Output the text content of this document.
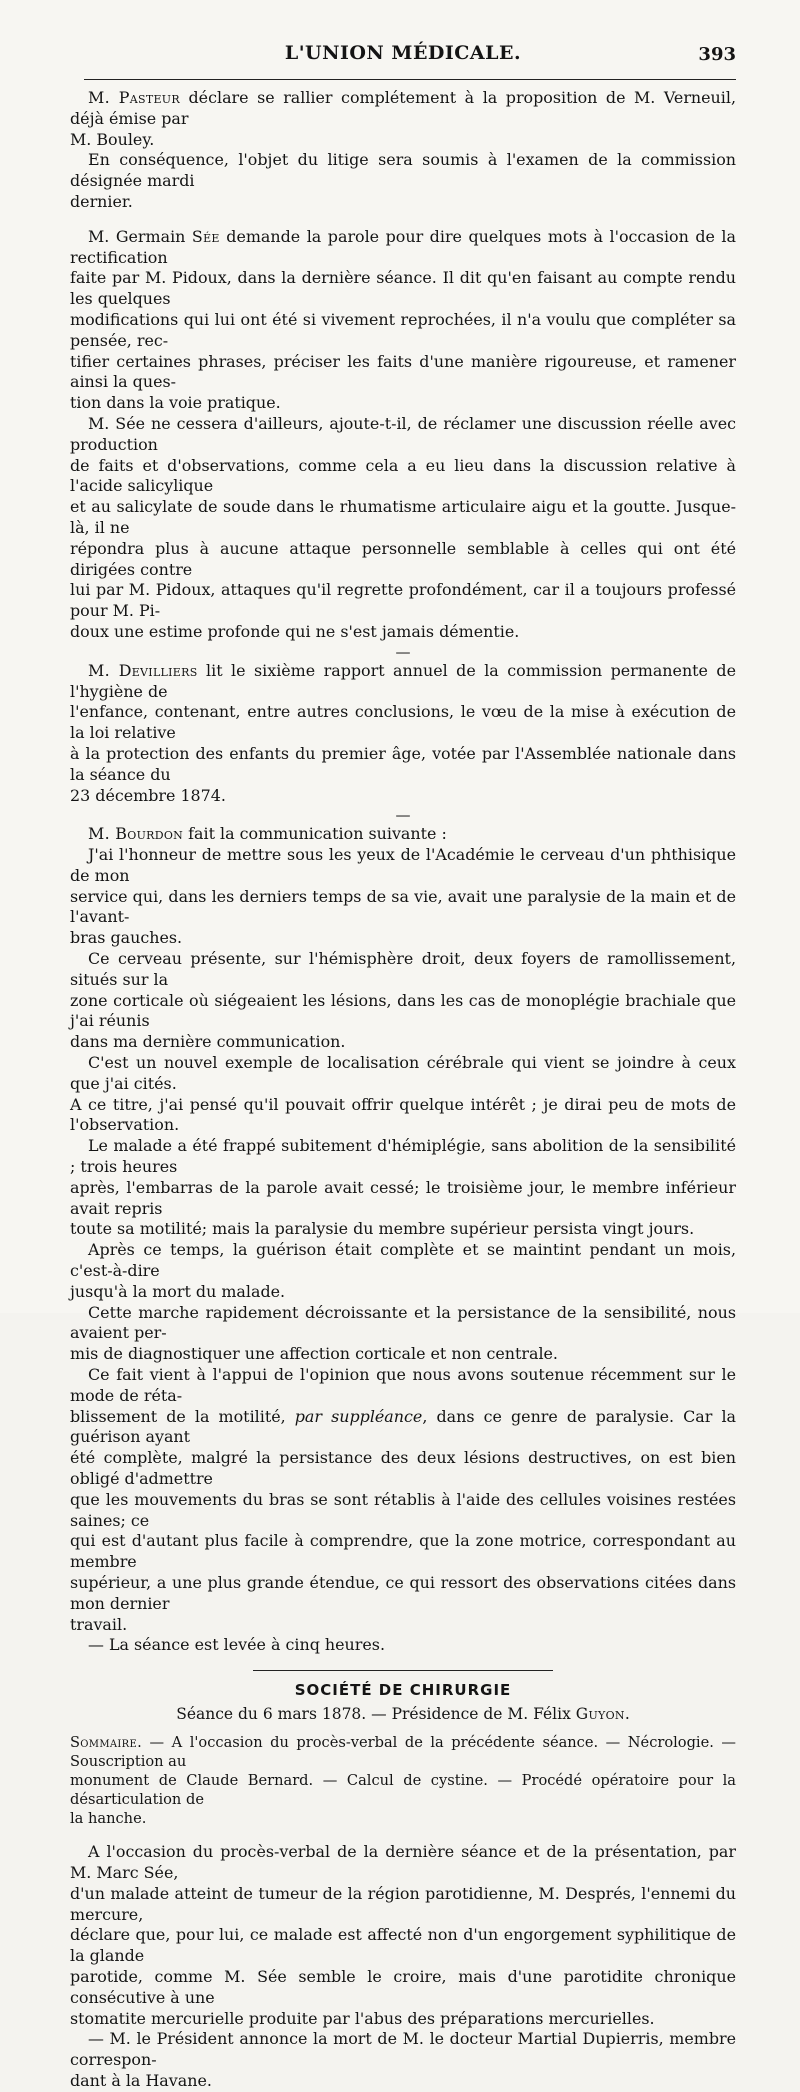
L'UNION MÉDICALE.	393

M. Pasteur déclare se rallier complétement à la proposition de M. Verneuil, déjà émise par
M. Bouley.

En conséquence, l'objet du litige sera soumis à l'examen de la commission désignée mardi
dernier.

M. Germain Sée demande la parole pour dire quelques mots à l'occasion de la rectification
faite par M. Pidoux, dans la dernière séance. Il dit qu'en faisant au compte rendu les quelques
modifications qui lui ont été si vivement reprochées, il n'a voulu que compléter sa pensée, rec-
tifier certaines phrases, préciser les faits d'une manière rigoureuse, et ramener ainsi la ques-
tion dans la voie pratique.

M. Sée ne cessera d'ailleurs, ajoute-t-il, de réclamer une discussion réelle avec production
de faits et d'observations, comme cela a eu lieu dans la discussion relative à l'acide salicylique
et au salicylate de soude dans le rhumatisme articulaire aigu et la goutte. Jusque-là, il ne
répondra plus à aucune attaque personnelle semblable à celles qui ont été dirigées contre
lui par M. Pidoux, attaques qu'il regrette profondément, car il a toujours professé pour M. Pi-
doux une estime profonde qui ne s'est jamais démentie.

—

M. Devilliers lit le sixième rapport annuel de la commission permanente de l'hygiène de
l'enfance, contenant, entre autres conclusions, le vœu de la mise à exécution de la loi relative
à la protection des enfants du premier âge, votée par l'Assemblée nationale dans la séance du
23 décembre 1874.

—

M. Bourdon fait la communication suivante :

J'ai l'honneur de mettre sous les yeux de l'Académie le cerveau d'un phthisique de mon
service qui, dans les derniers temps de sa vie, avait une paralysie de la main et de l'avant-
bras gauches.

Ce cerveau présente, sur l'hémisphère droit, deux foyers de ramollissement, situés sur la
zone corticale où siégeaient les lésions, dans les cas de monoplégie brachiale que j'ai réunis
dans ma dernière communication.

C'est un nouvel exemple de localisation cérébrale qui vient se joindre à ceux que j'ai cités.
A ce titre, j'ai pensé qu'il pouvait offrir quelque intérêt ; je dirai peu de mots de l'observation.

Le malade a été frappé subitement d'hémiplégie, sans abolition de la sensibilité ; trois heures
après, l'embarras de la parole avait cessé; le troisième jour, le membre inférieur avait repris
toute sa motilité; mais la paralysie du membre supérieur persista vingt jours.

Après ce temps, la guérison était complète et se maintint pendant un mois, c'est-à-dire
jusqu'à la mort du malade.

Cette marche rapidement décroissante et la persistance de la sensibilité, nous avaient per-
mis de diagnostiquer une affection corticale et non centrale.

Ce fait vient à l'appui de l'opinion que nous avons soutenue récemment sur le mode de réta-
blissement de la motilité, par suppléance, dans ce genre de paralysie. Car la guérison ayant
été complète, malgré la persistance des deux lésions destructives, on est bien obligé d'admettre
que les mouvements du bras se sont rétablis à l'aide des cellules voisines restées saines; ce
qui est d'autant plus facile à comprendre, que la zone motrice, correspondant au membre
supérieur, a une plus grande étendue, ce qui ressort des observations citées dans mon dernier
travail.

— La séance est levée à cinq heures.

SOCIÉTÉ DE CHIRURGIE
Séance du 6 mars 1878. — Présidence de M. Félix Guyon.

Sommaire. — A l'occasion du procès-verbal de la précédente séance. — Nécrologie. — Souscription au
monument de Claude Bernard. — Calcul de cystine. — Procédé opératoire pour la désarticulation de
la hanche.

A l'occasion du procès-verbal de la dernière séance et de la présentation, par M. Marc Sée,
d'un malade atteint de tumeur de la région parotidienne, M. Després, l'ennemi du mercure,
déclare que, pour lui, ce malade est affecté non d'un engorgement syphilitique de la glande
parotide, comme M. Sée semble le croire, mais d'une parotidite chronique consécutive à une
stomatite mercurielle produite par l'abus des préparations mercurielles.

— M. le Président annonce la mort de M. le docteur Martial Dupierris, membre correspon-
dant à la Havane.
